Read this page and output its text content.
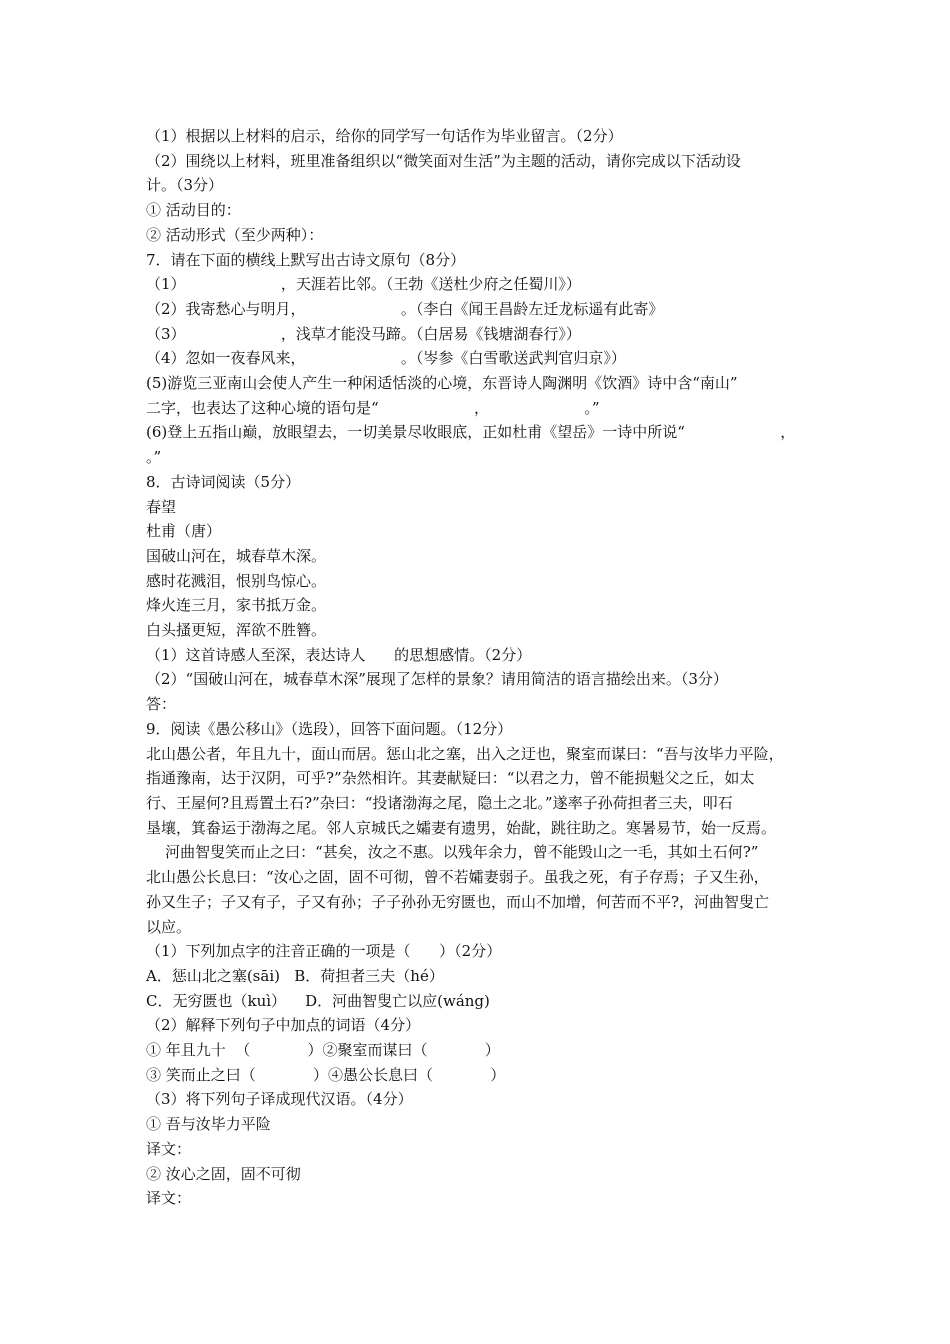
（1）根据以上材料的启示，给你的同学写一句话作为毕业留言。（2分）

（2）围绕以上材料，班里准备组织以“微笑面对生活”为主题的活动，请你完成以下活动设

计。（3分）

① 活动目的：

② 活动形式（至少两种）：

7．请在下面的横线上默写出古诗文原句（8分）

（1）                    ，天涯若比邻。（王勃《送杜少府之任蜀川》）

（2）我寄愁心与明月，                    。（李白《闻王昌龄左迁龙标遥有此寄》

（3）                    ，浅草才能没马蹄。（白居易《钱塘湖春行》）

（4）忽如一夜春风来，                    。（岑参《白雪歌送武判官归京》）

(5)游览三亚南山会使人产生一种闲适恬淡的心境，东晋诗人陶渊明《饮酒》诗中含“南山”

二字，也表达了这种心境的语句是“                    ，                    。”

(6)登上五指山巅，放眼望去，一切美景尽收眼底，正如杜甫《望岳》一诗中所说“                    ，

。”

8．古诗词阅读（5分）

春望

杜甫（唐）

国破山河在，城春草木深。

感时花溅泪，恨别鸟惊心。

烽火连三月，家书抵万金。

白头搔更短，浑欲不胜簪。

（1）这首诗感人至深，表达诗人      的思想感情。（2分）

（2）“国破山河在，城春草木深”展现了怎样的景象？请用简洁的语言描绘出来。（3分）

答：

9．阅读《愚公移山》（选段），回答下面问题。（12分）

北山愚公者，年且九十，面山而居。惩山北之塞，出入之迂也，聚室而谋曰：“吾与汝毕力平险，

指通豫南，达于汉阴，可乎?”杂然相许。其妻献疑曰：“以君之力，曾不能损魁父之丘，如太

行、王屋何?且焉置土石?”杂曰：“投诸渤海之尾，隐土之北。”遂率子孙荷担者三夫，叩石

垦壤，箕畚运于渤海之尾。邻人京城氏之孀妻有遗男，始龀，跳往助之。寒暑易节，始一反焉。

河曲智叟笑而止之曰：“甚矣，汝之不惠。以残年余力，曾不能毁山之一毛，其如土石何?”

北山愚公长息曰：“汝心之固，固不可彻，曾不若孀妻弱子。虽我之死，有子存焉；子又生孙，

孙又生子；子又有子，子又有孙；子子孙孙无穷匮也，而山不加增，何苦而不平?，河曲智叟亡

以应。

（1）下列加点字的注音正确的一项是（      ）（2分）

A．惩山北之塞(sāi)   B．荷担者三夫（hé）

C．无穷匮也（kuì）    D．河曲智叟亡以应(wáng)

（2）解释下列句子中加点的词语（4分）

① 年且九十  （            ）②聚室而谋曰（            ）

③ 笑而止之曰（            ）④愚公长息曰（            ）

（3）将下列句子译成现代汉语。（4分）

① 吾与汝毕力平险

译文：

② 汝心之固，固不可彻

译文：
